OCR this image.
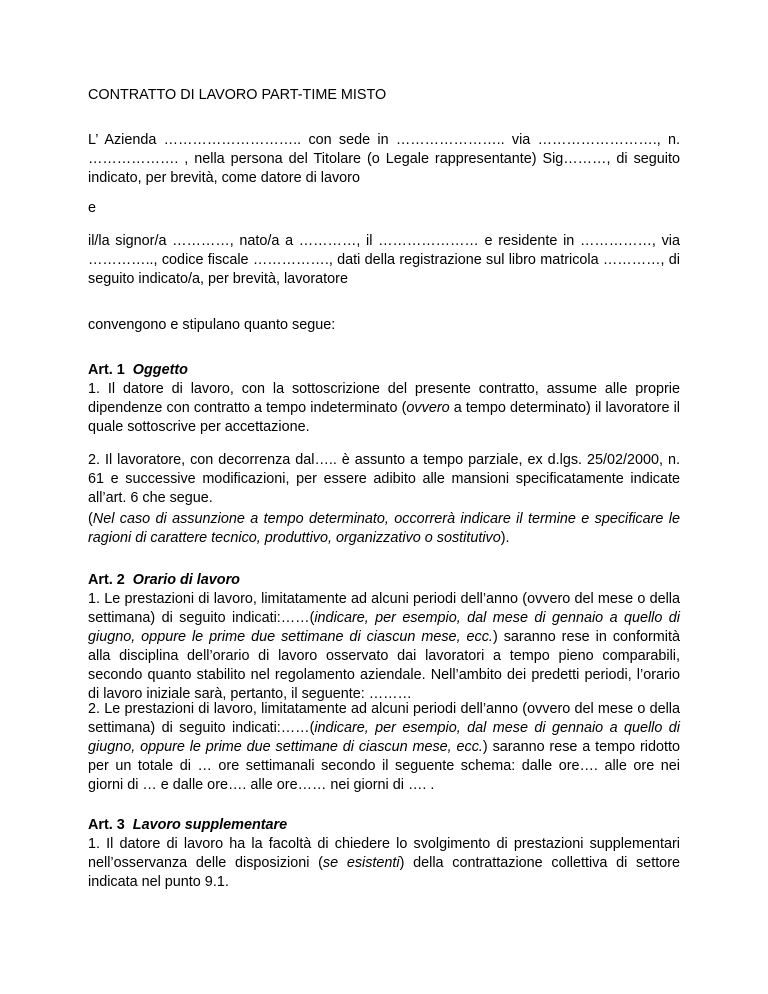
CONTRATTO DI LAVORO PART-TIME MISTO

L’ Azienda ……………………….. con sede in ………………….. via ……………………., n. ………………. , nella persona del Titolare (o Legale rappresentante) Sig………, di seguito indicato, per brevità, come datore di lavoro

e

il/la signor/a …………, nato/a a …………, il ………………… e residente in ……………, via ………….., codice fiscale ……………., dati della registrazione sul libro matricola …………, di seguito indicato/a, per brevità, lavoratore

convengono e stipulano quanto segue:

Art. 1 Oggetto

1. Il datore di lavoro, con la sottoscrizione del presente contratto, assume alle proprie dipendenze con contratto a tempo indeterminato (ovvero a tempo determinato) il lavoratore il quale sottoscrive per accettazione.

2. Il lavoratore, con decorrenza dal….. è assunto a tempo parziale, ex d.lgs. 25/02/2000, n. 61 e successive modificazioni, per essere adibito alle mansioni specificatamente indicate all’art. 6 che segue.

(Nel caso di assunzione a tempo determinato, occorrerà indicare il termine e specificare le ragioni di carattere tecnico, produttivo, organizzativo o sostitutivo).

Art. 2 Orario di lavoro

1. Le prestazioni di lavoro, limitatamente ad alcuni periodi dell’anno (ovvero del mese o della settimana) di seguito indicati:……(indicare, per esempio, dal mese di gennaio a quello di giugno, oppure le prime due settimane di ciascun mese, ecc.) saranno rese in conformità alla disciplina dell’orario di lavoro osservato dai lavoratori a tempo pieno comparabili, secondo quanto stabilito nel regolamento aziendale. Nell’ambito dei predetti periodi, l’orario di lavoro iniziale sarà, pertanto, il seguente: ………

2. Le prestazioni di lavoro, limitatamente ad alcuni periodi dell’anno (ovvero del mese o della settimana) di seguito indicati:……(indicare, per esempio, dal mese di gennaio a quello di giugno, oppure le prime due settimane di ciascun mese, ecc.) saranno rese a tempo ridotto per un totale di … ore settimanali secondo il seguente schema: dalle ore…. alle ore nei giorni di … e dalle ore…. alle ore…… nei giorni di …. .

Art. 3 Lavoro supplementare

1. Il datore di lavoro ha la facoltà di chiedere lo svolgimento di prestazioni supplementari nell’osservanza delle disposizioni (se esistenti) della contrattazione collettiva di settore indicata nel punto 9.1.
